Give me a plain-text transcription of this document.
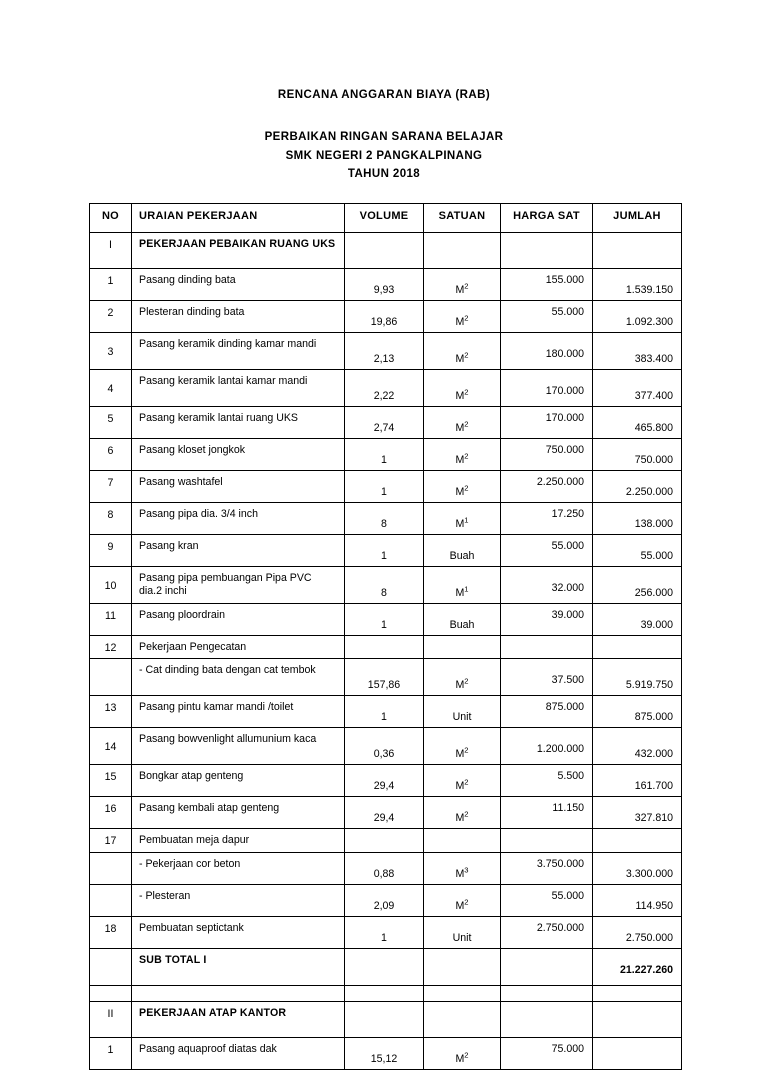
RENCANA ANGGARAN BIAYA (RAB)
PERBAIKAN RINGAN SARANA BELAJAR
SMK NEGERI 2 PANGKALPINANG
TAHUN 2018
NO	URAIAN PEKERJAAN	VOLUME	SATUAN	HARGA SAT	JUMLAH

I	PEKERJAAN PEBAIKAN RUANG UKS				

1	Pasang dinding bata	9,93	$M^2$	155.000	1.539.150

2	Plesteran dinding bata	19,86	$M^2$	55.000	1.092.300

3	Pasang keramik dinding kamar mandi	2,13	$M^2$	180.000	383.400

4	Pasang keramik lantai kamar mandi	2,22	$M^2$	170.000	377.400

5	Pasang keramik lantai ruang UKS	2,74	$M^2$	170.000	465.800

6	Pasang kloset jongkok	1	$M^2$	750.000	750.000

7	Pasang washtafel	1	$M^2$	2.250.000	2.250.000

8	Pasang pipa dia. 3/4 inch	8	$M^1$	17.250	138.000

9	Pasang kran	1	Buah	55.000	55.000

10	Pasang pipa pembuangan Pipa PVC dia.2 inchi	8	$M^1$	32.000	256.000

11	Pasang ploordrain	1	Buah	39.000	39.000

12	Pekerjaan Pengecatan				

	- Cat dinding bata dengan cat tembok	157,86	$M^2$	37.500	5.919.750

13	Pasang pintu kamar mandi /toilet	1	Unit	875.000	875.000

14	Pasang bowvenlight allumunium kaca	0,36	$M^2$	1.200.000	432.000

15	Bongkar atap genteng	29,4	$M^2$	5.500	161.700

16	Pasang kembali atap genteng	29,4	$M^2$	11.150	327.810

17	Pembuatan meja dapur				

	- Pekerjaan cor beton	0,88	$M^3$	3.750.000	3.300.000

	- Plesteran	2,09	$M^2$	55.000	114.950

18	Pembuatan septictank	1	Unit	2.750.000	2.750.000

	SUB TOTAL I				21.227.260

II	PEKERJAAN ATAP KANTOR				

1	Pasang aquaproof diatas dak	15,12	$M^2$	75.000	
